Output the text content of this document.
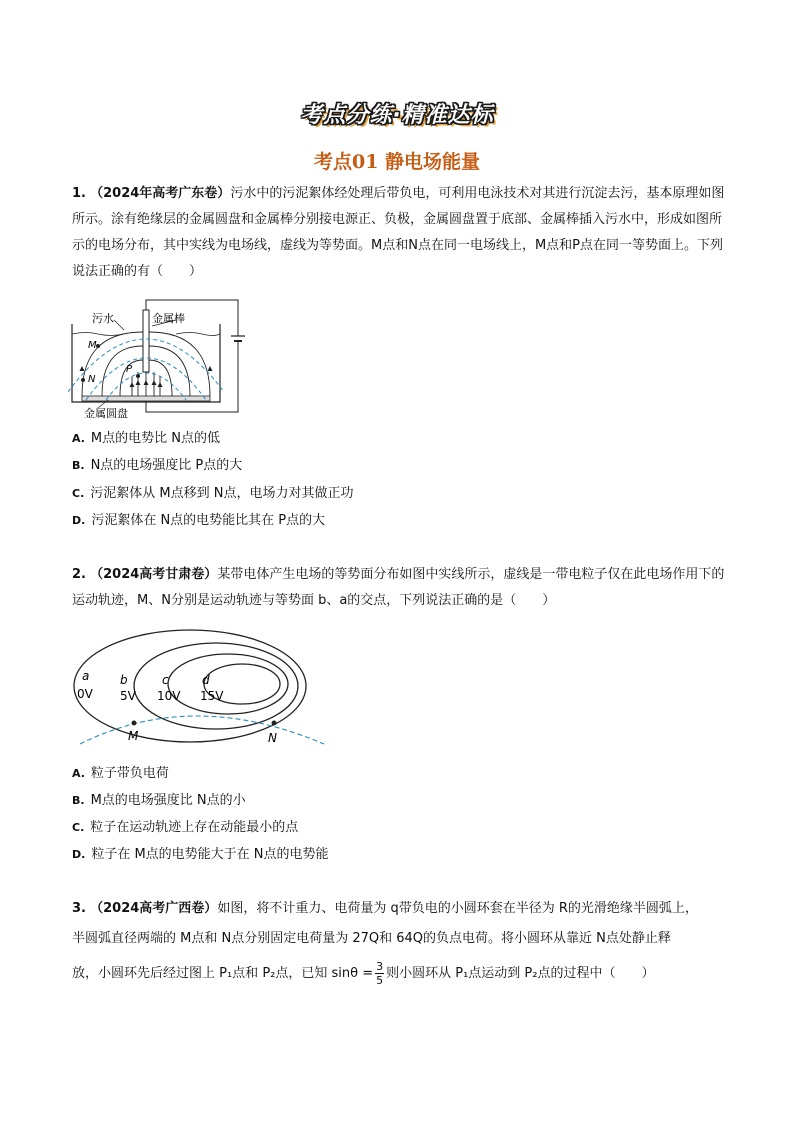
考点分练·精准达标
考点01 静电场能量
1. （2024年高考广东卷）污水中的污泥絮体经处理后带负电，可利用电泳技术对其进行沉淀去污，基本原理如图所示。涂有绝缘层的金属圆盘和金属棒分别接电源正、负极，金属圆盘置于底部、金属棒插入污水中，形成如图所示的电场分布，其中实线为电场线，虚线为等势面。M点和N点在同一电场线上，M点和P点在同一等势面上。下列说法正确的有（　　）
污水	金属棒
金属圆盘
M
N
P
A. M点的电势比 N点的低
B. N点的电场强度比 P点的大
C. 污泥絮体从 M点移到 N点，电场力对其做正功
D. 污泥絮体在 N点的电势能比其在 P点的大
2. （2024高考甘肃卷）某带电体产生电场的等势面分布如图中实线所示，虚线是一带电粒子仅在此电场作用下的运动轨迹，M、N分别是运动轨迹与等势面 b、a的交点，下列说法正确的是（　　）
a
0V
b
5V
c
10V
d
15V
M	N
A. 粒子带负电荷
B. M点的电场强度比 N点的小
C. 粒子在运动轨迹上存在动能最小的点
D. 粒子在 M点的电势能大于在 N点的电势能
3. （2024高考广西卷）如图，将不计重力、电荷量为 q带负电的小圆环套在半径为 R的光滑绝缘半圆弧上，
半圆弧直径两端的 M点和 N点分别固定电荷量为 27Q和 64Q的负点电荷。将小圆环从靠近 N点处静止释
放，小圆环先后经过图上 P₁点和 P₂点，已知 $\sin\theta = \frac{3}{5}$ 则小圆环从 P₁点运动到 P₂点的过程中（　　）
